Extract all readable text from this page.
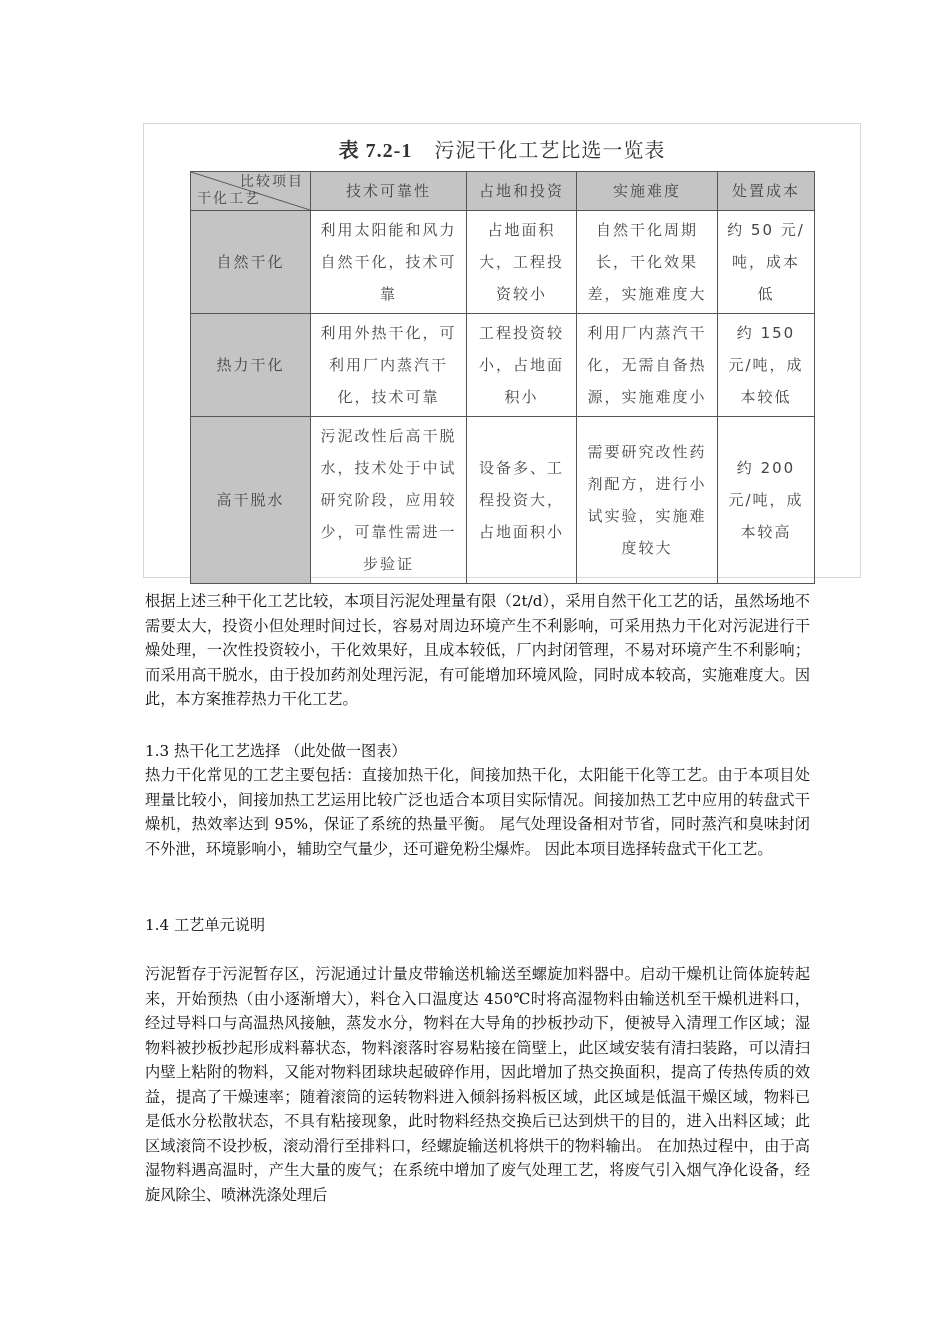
表 7.2-1 污泥干化工艺比选一览表
比较项目
干化工艺	技术可靠性	占地和投资	实施难度	处置成本
自然干化	利用太阳能和风力自然干化，技术可靠	占地面积大，工程投资较小	自然干化周期长，干化效果差，实施难度大	约 50 元/吨，成本低
热力干化	利用外热干化，可利用厂内蒸汽干化，技术可靠	工程投资较小，占地面积小	利用厂内蒸汽干化，无需自备热源，实施难度小	约 150 元/吨，成本较低
高干脱水	污泥改性后高干脱水，技术处于中试研究阶段，应用较少，可靠性需进一步验证	设备多、工程投资大，占地面积小	需要研究改性药剂配方，进行小试实验，实施难度较大	约 200 元/吨，成本较高

根据上述三种干化工艺比较，本项目污泥处理量有限（2t/d），采用自然干化工艺的话，虽然场地不需要太大，投资小但处理时间过长，容易对周边环境产生不利影响，可采用热力干化对污泥进行干燥处理，一次性投资较小，干化效果好，且成本较低，厂内封闭管理，不易对环境产生不利影响；而采用高干脱水，由于投加药剂处理污泥，有可能增加环境风险，同时成本较高，实施难度大。因此，本方案推荐热力干化工艺。

1.3 热干化工艺选择 （此处做一图表）

热力干化常见的工艺主要包括：直接加热干化，间接加热干化，太阳能干化等工艺。由于本项目处理量比较小，间接加热工艺运用比较广泛也适合本项目实际情况。间接加热工艺中应用的转盘式干燥机，热效率达到 95%，保证了系统的热量平衡。 尾气处理设备相对节省，同时蒸汽和臭味封闭不外泄，环境影响小，辅助空气量少，还可避免粉尘爆炸。 因此本项目选择转盘式干化工艺。

1.4 工艺单元说明

污泥暂存于污泥暂存区，污泥通过计量皮带输送机输送至螺旋加料器中。启动干燥机让筒体旋转起来，开始预热（由小逐渐增大），料仓入口温度达 450℃时将高湿物料由输送机至干燥机进料口，经过导料口与高温热风接触，蒸发水分，物料在大导角的抄板抄动下，便被导入清理工作区域；湿物料被抄板抄起形成料幕状态，物料滚落时容易粘接在筒壁上，此区域安装有清扫装路，可以清扫内壁上粘附的物料，又能对物料团球块起破碎作用，因此增加了热交换面积，提高了传热传质的效益，提高了干燥速率；随着滚筒的运转物料进入倾斜扬料板区域，此区域是低温干燥区域，物料已是低水分松散状态，不具有粘接现象，此时物料经热交换后已达到烘干的目的，进入出料区域；此区域滚筒不设抄板，滚动滑行至排料口，经螺旋输送机将烘干的物料输出。 在加热过程中，由于高湿物料遇高温时，产生大量的废气；在系统中增加了废气处理工艺，将废气引入烟气净化设备，经旋风除尘、喷淋洗涤处理后
